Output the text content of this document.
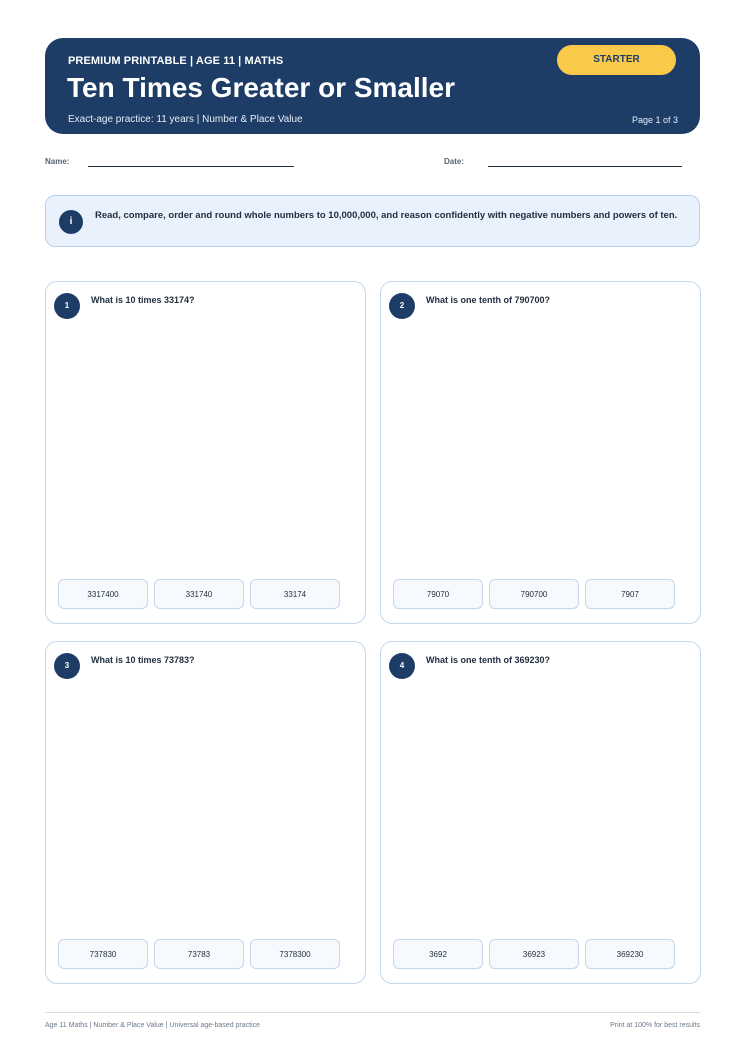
PREMIUM PRINTABLE | AGE 11 | MATHS
Ten Times Greater or Smaller
Exact-age practice: 11 years | Number & Place Value	Page 1 of 3
STARTER
Name:	Date:
i
Read, compare, order and round whole numbers to 10,000,000, and reason confidently with negative numbers and powers of ten.
1
What is 10 times 33174?
3317400	331740	33174
2
What is one tenth of 790700?
79070	790700	7907
3
What is 10 times 73783?
737830	73783	7378300
4
What is one tenth of 369230?
3692	36923	369230
Age 11 Maths | Number & Place Value | Universal age-based practice	Print at 100% for best results
